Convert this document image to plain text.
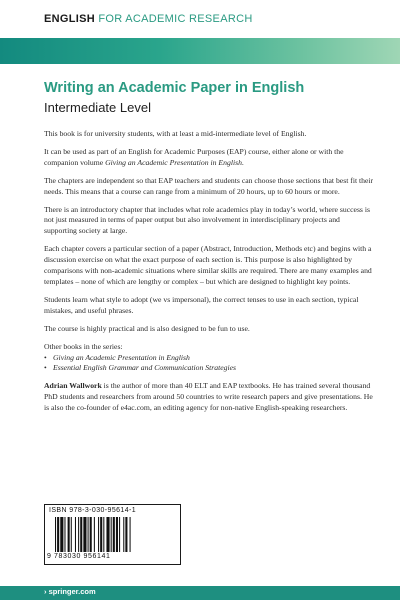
ENGLISH FOR ACADEMIC RESEARCH
Writing an Academic Paper in English
Intermediate Level

This book is for university students, with at least a mid-intermediate level of English.

It can be used as part of an English for Academic Purposes (EAP) course, either alone or with the companion volume Giving an Academic Presentation in English.

The chapters are independent so that EAP teachers and students can choose those sections that best fit their needs. This means that a course can range from a minimum of 20 hours, up to 60 hours or more.

There is an introductory chapter that includes what role academics play in today’s world, where success is not just measured in terms of paper output but also involvement in interdisciplinary projects and supporting society at large.

Each chapter covers a particular section of a paper (Abstract, Introduction, Methods etc) and begins with a discussion exercise on what the exact purpose of each section is. This purpose is also highlighted by comparisons with non-academic situations where similar skills are required. There are many examples and templates – none of which are lengthy or complex – but which are designed to highlight key points.

Students learn what style to adopt (we vs impersonal), the correct tenses to use in each section, typical mistakes, and useful phrases.

The course is highly practical and is also designed to be fun to use.

Other books in the series:

• Giving an Academic Presentation in English
• Essential English Grammar and Communication Strategies

Adrian Wallwork is the author of more than 40 ELT and EAP textbooks. He has trained several thousand PhD students and researchers from around 50 countries to write research papers and give presentations. He is also the co-founder of e4ac.com, an editing agency for non-native English-speaking researchers.

ISBN 978-3-030-95614-1
9 783030 956141
› springer.com
